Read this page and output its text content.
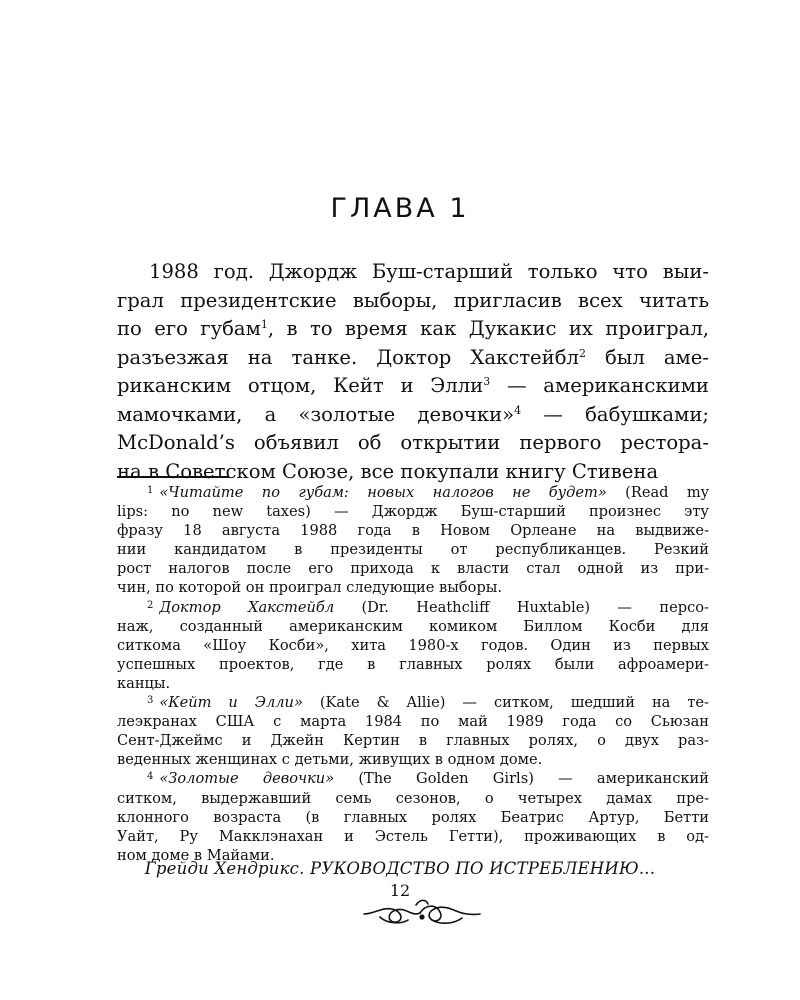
ГЛАВА 1
1988 год. Джордж Буш-старший только что выи-
грал президентские выборы, пригласив всех читать
по его губам$^1$, в то время как Дукакис их проиграл,
разъезжая на танке. Доктор Хакстейбл$^2$ был аме-
риканским отцом, Кейт и Элли$^3$ — американскими
мамочками, а «золотые девочки»$^4$ — бабушками;
McDonald’s объявил об открытии первого рестора-
на в Советском Союзе, все покупали книгу Стивена
$^1$ «Читайте по губам: новых налогов не будет» (Read my
lips: no new taxes) — Джордж Буш-старший произнес эту
фразу 18 августа 1988 года в Новом Орлеане на выдвиже-
нии кандидатом в президенты от республиканцев. Резкий
рост налогов после его прихода к власти стал одной из при-
чин, по которой он проиграл следующие выборы.
$^2$ Доктор Хакстейбл (Dr. Heathcliff Huxtable) — персо-
наж, созданный американским комиком Биллом Косби для
ситкома «Шоу Косби», хита 1980-х годов. Один из первых
успешных проектов, где в главных ролях были афроамери-
канцы.
$^3$ «Кейт и Элли» (Kate & Allie) — ситком, шедший на те-
леэкранах США с марта 1984 по май 1989 года со Сьюзан
Сент-Джеймс и Джейн Кертин в главных ролях, о двух раз-
веденных женщинах с детьми, живущих в одном доме.
$^4$ «Золотые девочки» (The Golden Girls) — американский
ситком, выдержавший семь сезонов, о четырех дамах пре-
клонного возраста (в главных ролях Беатрис Артур, Бетти
Уайт, Ру Макклэнахан и Эстель Гетти), проживающих в од-
ном доме в Майами.
Грейди Хендрикс. РУКОВОДСТВО ПО ИСТРЕБЛЕНИЮ...
12
